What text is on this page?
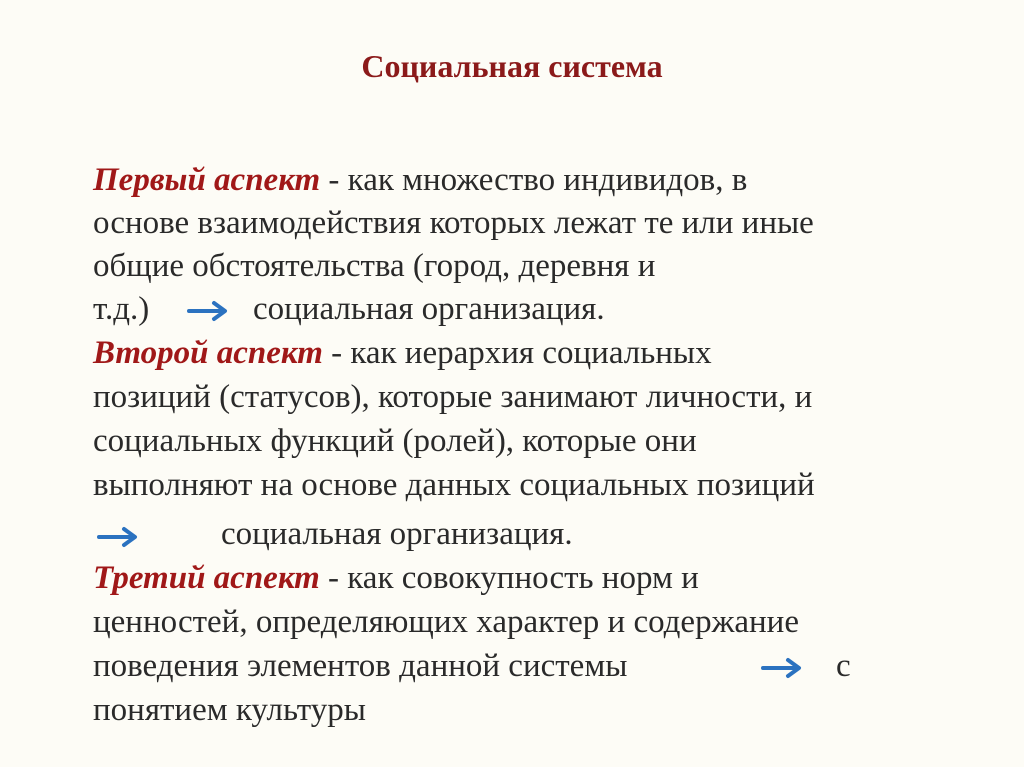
Социальная система
Первый аспект - как множество индивидов, в
основе взаимодействия которых лежат те или иные
общие обстоятельства (город, деревня и
т.д.)	социальная организация.
Второй аспект - как иерархия социальных
позиций (статусов), которые занимают личности, и
социальных функций (ролей), которые они
выполняют на основе данных социальных позиций
социальная организация.
Третий аспект - как совокупность норм и
ценностей, определяющих характер и содержание
поведения элементов данной системы	с
понятием культуры
